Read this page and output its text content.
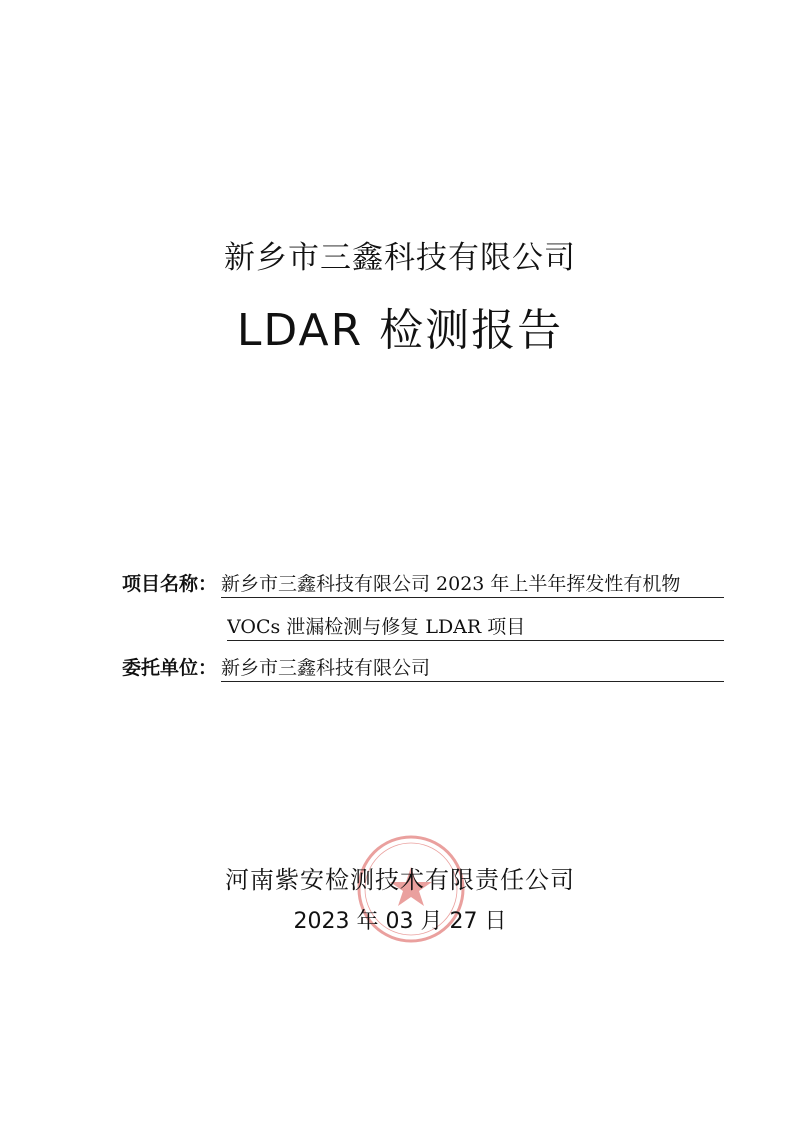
新乡市三鑫科技有限公司
LDAR 检测报告
项目名称： 新乡市三鑫科技有限公司 2023 年上半年挥发性有机物
VOCs 泄漏检测与修复 LDAR 项目
委托单位： 新乡市三鑫科技有限公司
河南紫安检测技术有限责任公司
2023 年 03 月 27 日
